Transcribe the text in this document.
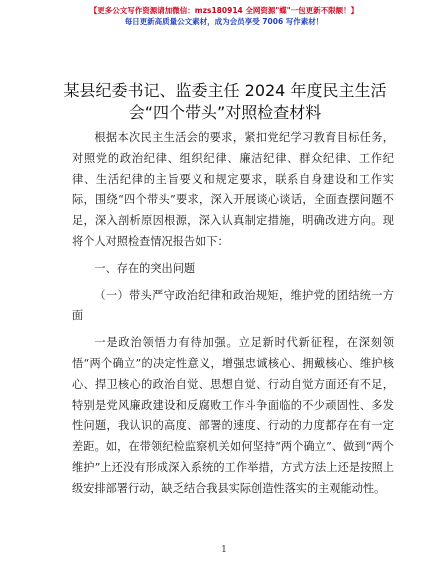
【更多公文写作资源请加微信：mzs180914 全网资源"蝶"一包更新不限额！】
每日更新高质量公文素材，成为会员享受 7006 写作素材！
某县纪委书记、监委主任 2024 年度民主生活
会“四个带头”对照检查材料

根据本次民主生活会的要求，紧扣党纪学习教育目标任务，对照党的政治纪律、组织纪律、廉洁纪律、群众纪律、工作纪律、生活纪律的主旨要义和规定要求，联系自身建设和工作实际，围绕“四个带头”要求，深入开展谈心谈话，全面查摆问题不足，深入剖析原因根源，深入认真制定措施，明确改进方向。现将个人对照检查情况报告如下：

一、存在的突出问题

（一）带头严守政治纪律和政治规矩，维护党的团结统一方面

一是政治领悟力有待加强。立足新时代新征程，在深刻领悟“两个确立”的决定性意义，增强忠诚核心、拥戴核心、维护核心、捍卫核心的政治自觉、思想自觉、行动自觉方面还有不足，特别是党风廉政建设和反腐败工作斗争面临的不少顽固性、多发性问题，我认识的高度、部署的速度、行动的力度都存在有一定差距。如，在带领纪检监察机关如何坚持“两个确立”、做到“两个维护”上还没有形成深入系统的工作举措，方式方法上还是按照上级安排部署行动，缺乏结合我县实际创造性落实的主观能动性。

1
